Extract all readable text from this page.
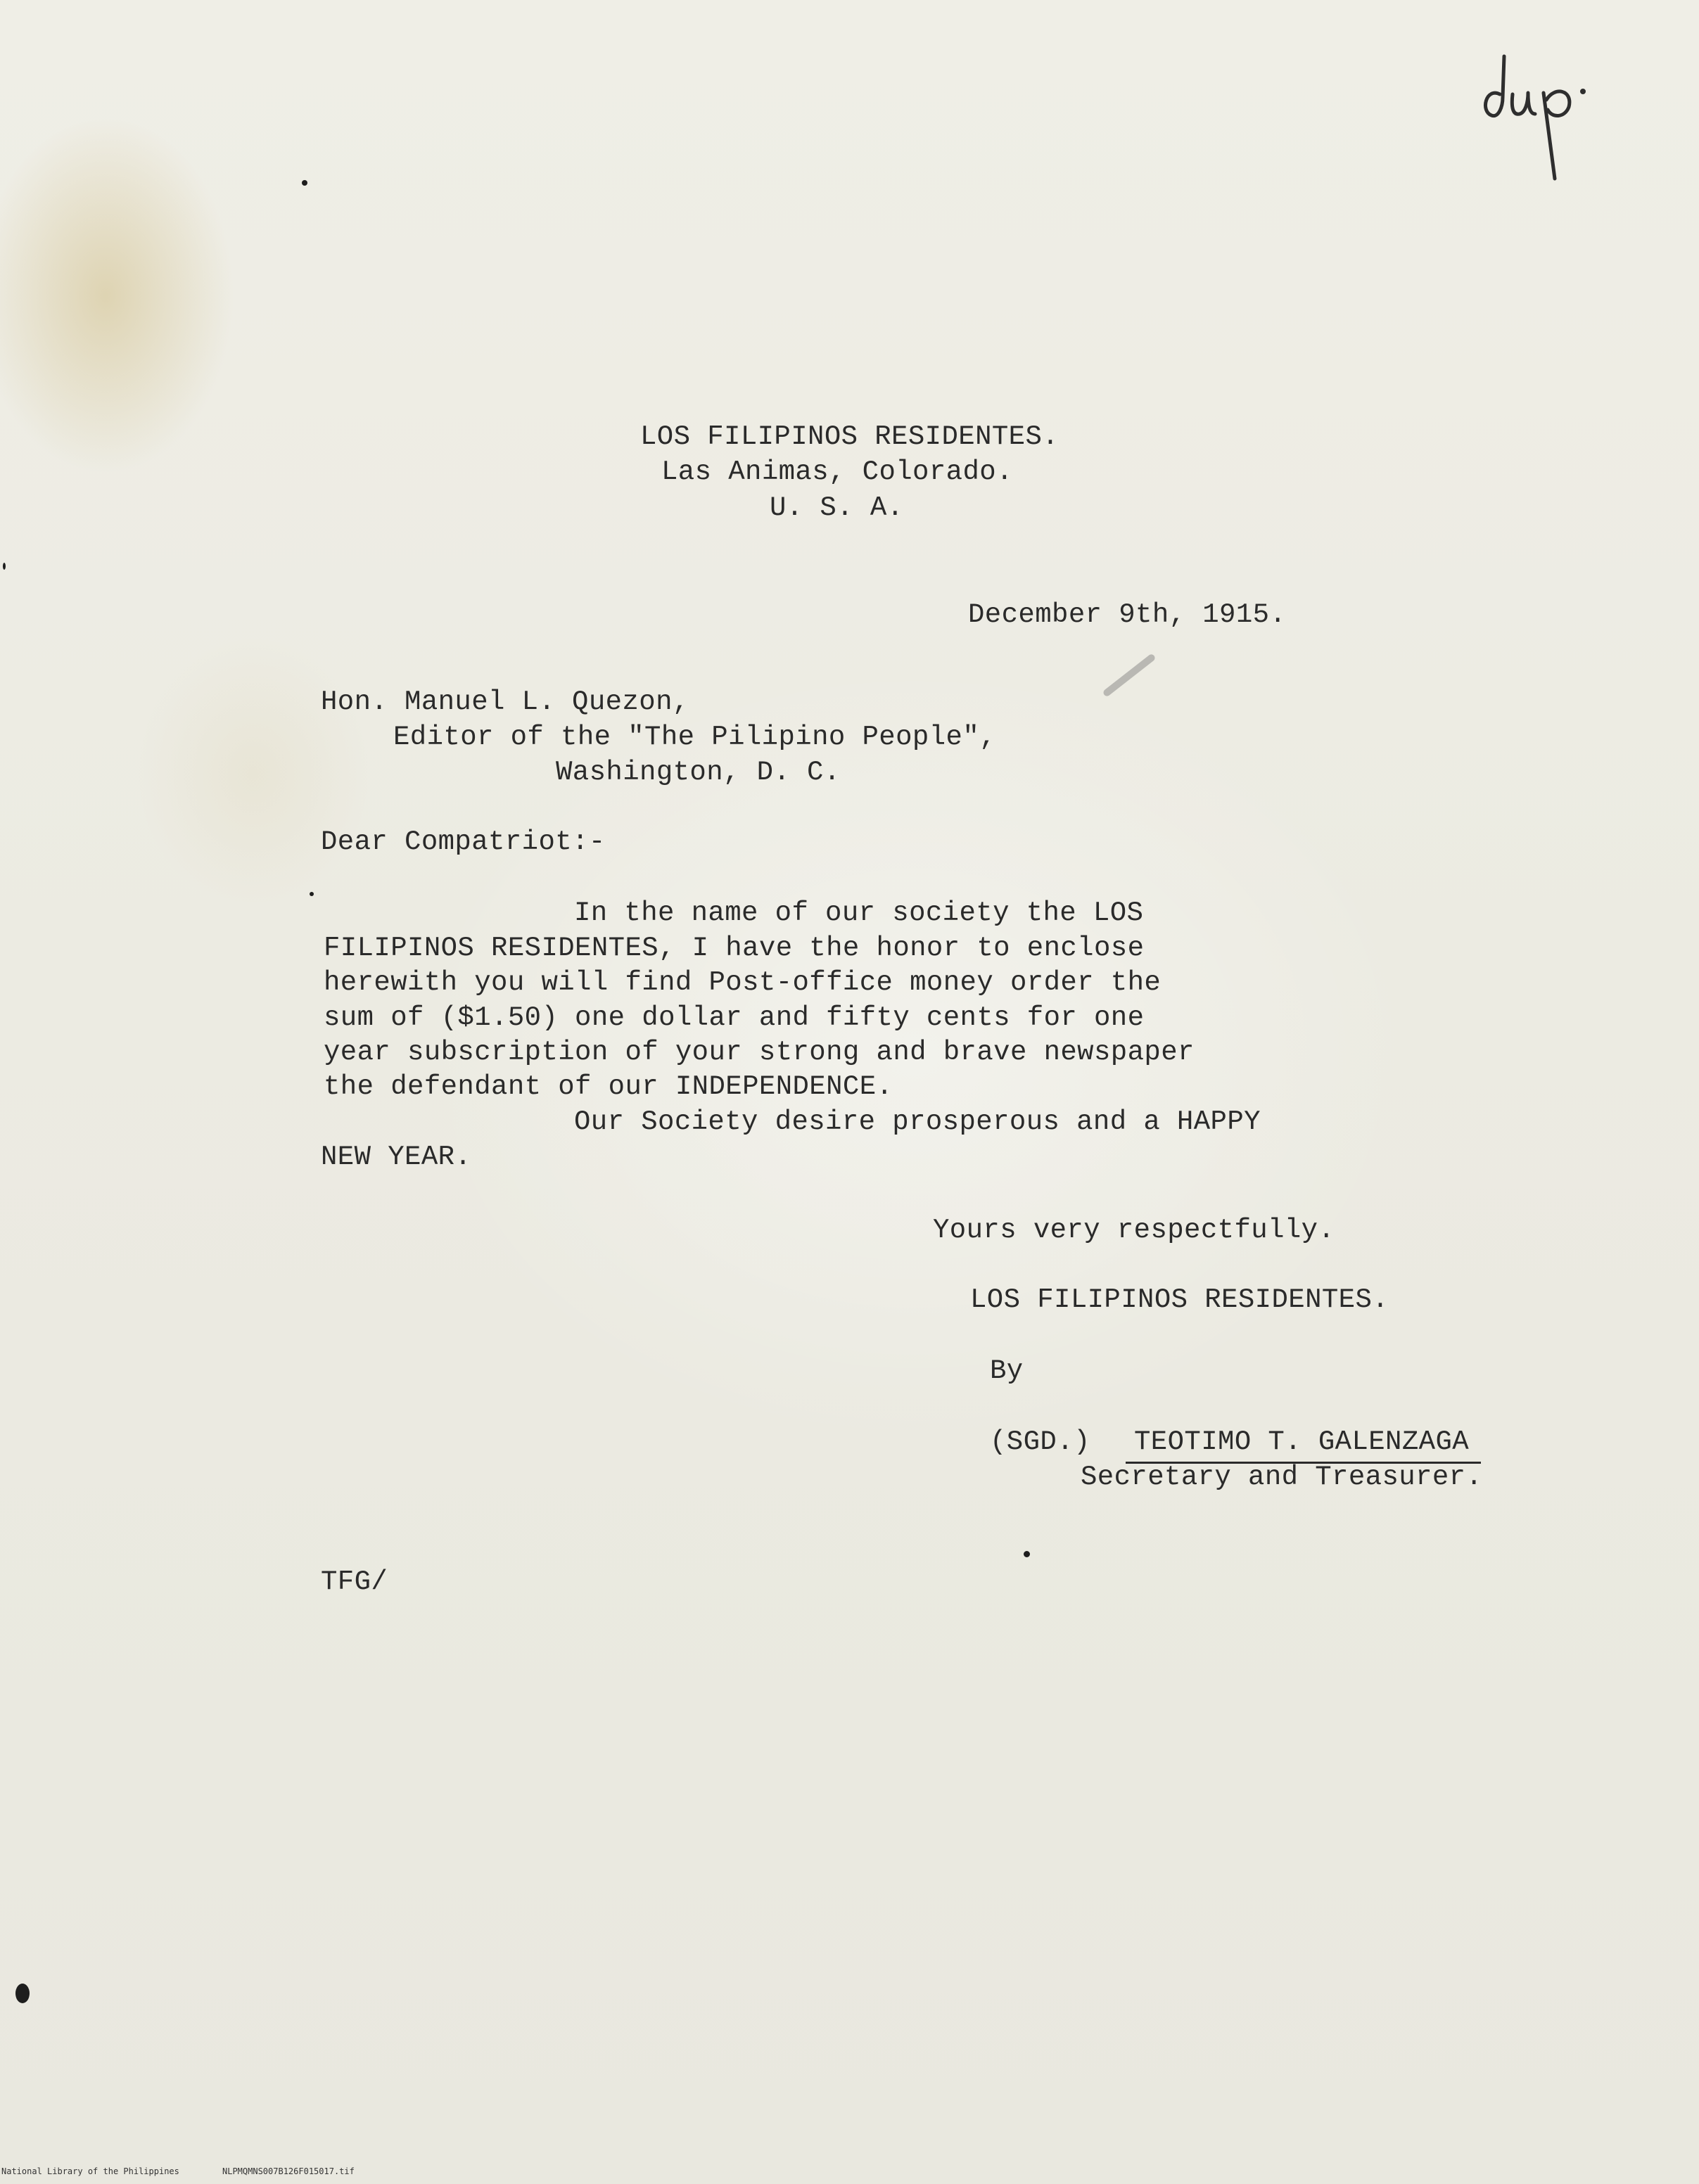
LOS FILIPINOS RESIDENTES.

Las Animas, Colorado.

U. S. A.

December 9th, 1915.

Hon. Manuel L. Quezon,

Editor of the "The Pilipino People",

Washington, D. C.

Dear Compatriot:-

In the name of our society the LOS

FILIPINOS RESIDENTES, I have the honor to enclose

herewith you will find Post-office money order the

sum of ($1.50) one dollar and fifty cents for one

year subscription of your strong and brave newspaper

the defendant of our INDEPENDENCE.

Our Society desire prosperous and a HAPPY

NEW YEAR.

Yours very respectfully.

LOS FILIPINOS RESIDENTES.

By

(SGD.) TEOTIMO T. GALENZAGA

Secretary and Treasurer.

TFG/

National Library of the Philippines	NLPMQMNS007B126F015017.tif
